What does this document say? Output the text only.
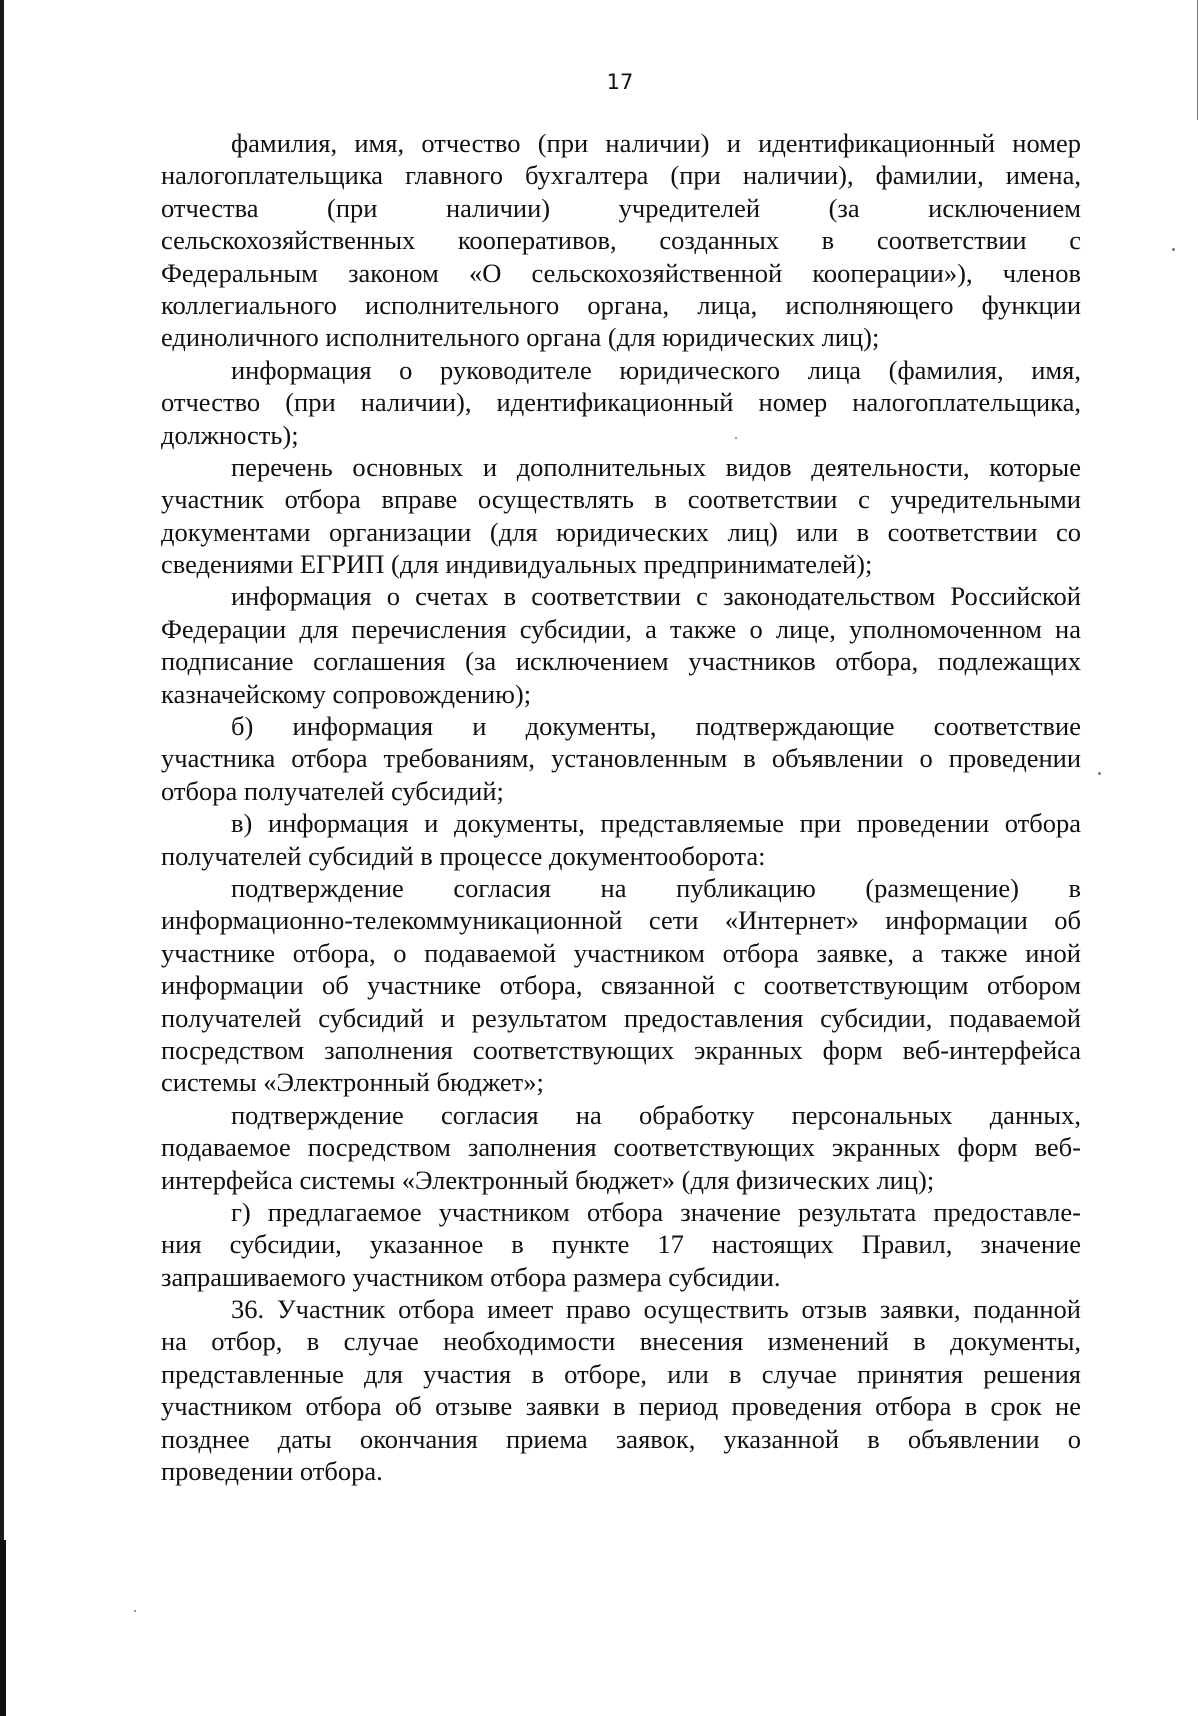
17
фамилия, имя, отчество (при наличии) и идентификационный номер
налогоплательщика главного бухгалтера (при наличии), фамилии, имена,
отчества (при наличии) учредителей (за исключением
сельскохозяйственных кооперативов, созданных в соответствии с
Федеральным законом «О сельскохозяйственной кооперации»), членов
коллегиального исполнительного органа, лица, исполняющего функции
единоличного исполнительного органа (для юридических лиц);
информация о руководителе юридического лица (фамилия, имя,
отчество (при наличии), идентификационный номер налогоплательщика,
должность);
перечень основных и дополнительных видов деятельности, которые
участник отбора вправе осуществлять в соответствии с учредительными
документами организации (для юридических лиц) или в соответствии со
сведениями ЕГРИП (для индивидуальных предпринимателей);
информация о счетах в соответствии с законодательством Российской
Федерации для перечисления субсидии, а также о лице, уполномоченном на
подписание соглашения (за исключением участников отбора, подлежащих
казначейскому сопровождению);
б) информация и документы, подтверждающие соответствие
участника отбора требованиям, установленным в объявлении о проведении
отбора получателей субсидий;
в) информация и документы, представляемые при проведении отбора
получателей субсидий в процессе документооборота:
подтверждение согласия на публикацию (размещение) в
информационно-телекоммуникационной сети «Интернет» информации об
участнике отбора, о подаваемой участником отбора заявке, а также иной
информации об участнике отбора, связанной с соответствующим отбором
получателей субсидий и результатом предоставления субсидии, подаваемой
посредством заполнения соответствующих экранных форм веб-интерфейса
системы «Электронный бюджет»;
подтверждение согласия на обработку персональных данных,
подаваемое посредством заполнения соответствующих экранных форм веб-
интерфейса системы «Электронный бюджет» (для физических лиц);
г) предлагаемое участником отбора значение результата предоставле-
ния субсидии, указанное в пункте 17 настоящих Правил, значение
запрашиваемого участником отбора размера субсидии.
36. Участник отбора имеет право осуществить отзыв заявки, поданной
на отбор, в случае необходимости внесения изменений в документы,
представленные для участия в отборе, или в случае принятия решения
участником отбора об отзыве заявки в период проведения отбора в срок не
позднее даты окончания приема заявок, указанной в объявлении о
проведении отбора.
